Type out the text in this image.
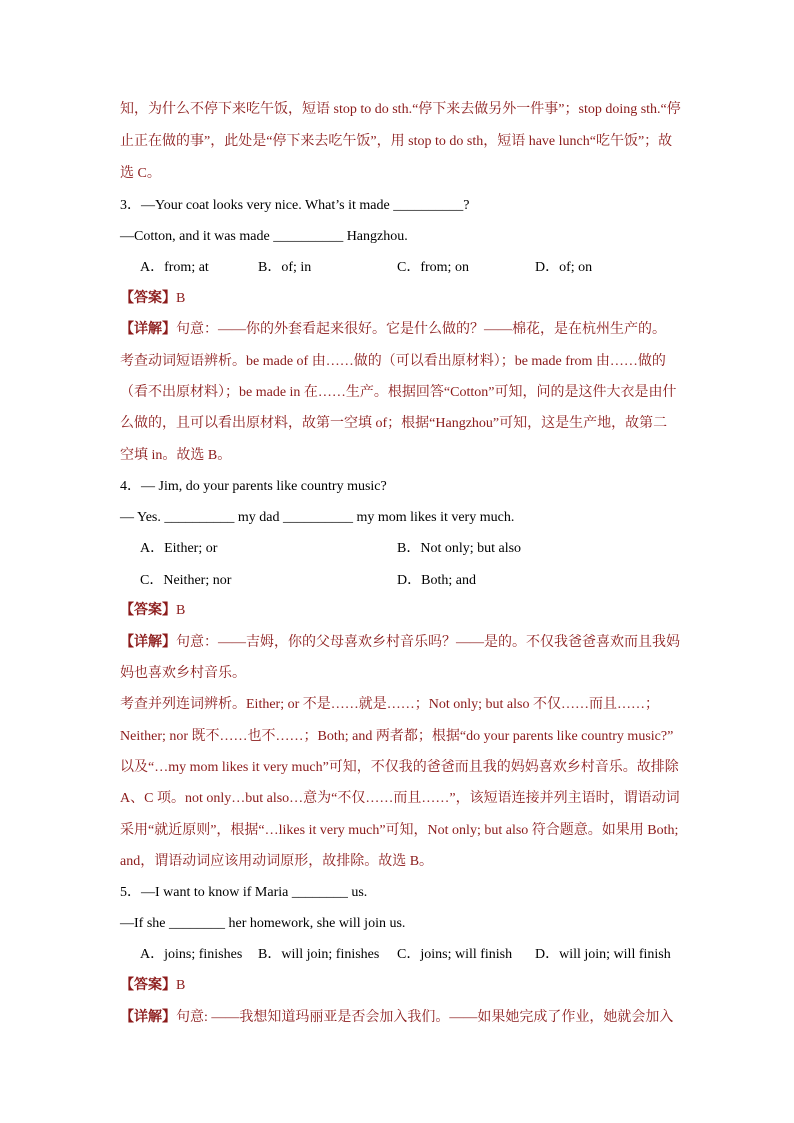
知，为什么不停下来吃午饭，短语 stop to do sth.“停下来去做另外一件事”；stop doing sth.“停
止正在做的事”，此处是“停下来去吃午饭”，用 stop to do sth，短语 have lunch“吃午饭”；故
选 C。
3．—Your coat looks very nice. What’s it made __________?
—Cotton, and it was made __________ Hangzhou.
A．from; at	B．of; in	C．from; on	D．of; on
【答案】B
【详解】句意：——你的外套看起来很好。它是什么做的？——棉花，是在杭州生产的。
考查动词短语辨析。be made of 由……做的（可以看出原材料）；be made from 由……做的
（看不出原材料）；be made in 在……生产。根据回答“Cotton”可知，问的是这件大衣是由什
么做的，且可以看出原材料，故第一空填 of；根据“Hangzhou”可知，这是生产地，故第二
空填 in。故选 B。
4．— Jim, do your parents like country music?
— Yes. __________ my dad __________ my mom likes it very much.
A．Either; or	B．Not only; but also
C．Neither; nor	D．Both; and
【答案】B
【详解】句意：——吉姆，你的父母喜欢乡村音乐吗？——是的。不仅我爸爸喜欢而且我妈
妈也喜欢乡村音乐。
考查并列连词辨析。Either; or 不是……就是……；Not only; but also 不仅……而且……；
Neither; nor 既不……也不……；Both; and 两者都；根据“do your parents like country music?”
以及“…my mom likes it very much”可知，不仅我的爸爸而且我的妈妈喜欢乡村音乐。故排除
A、C 项。not only…but also…意为“不仅……而且……”，该短语连接并列主语时，谓语动词
采用“就近原则”，根据“…likes it very much”可知，Not only; but also 符合题意。如果用 Both;
and，谓语动词应该用动词原形，故排除。故选 B。
5．—I want to know if Maria ________ us.
—If she ________ her homework, she will join us.
A．joins; finishes B．will join; finishes C．joins; will finish D．will join; will finish
【答案】B
【详解】句意: ——我想知道玛丽亚是否会加入我们。——如果她完成了作业，她就会加入
